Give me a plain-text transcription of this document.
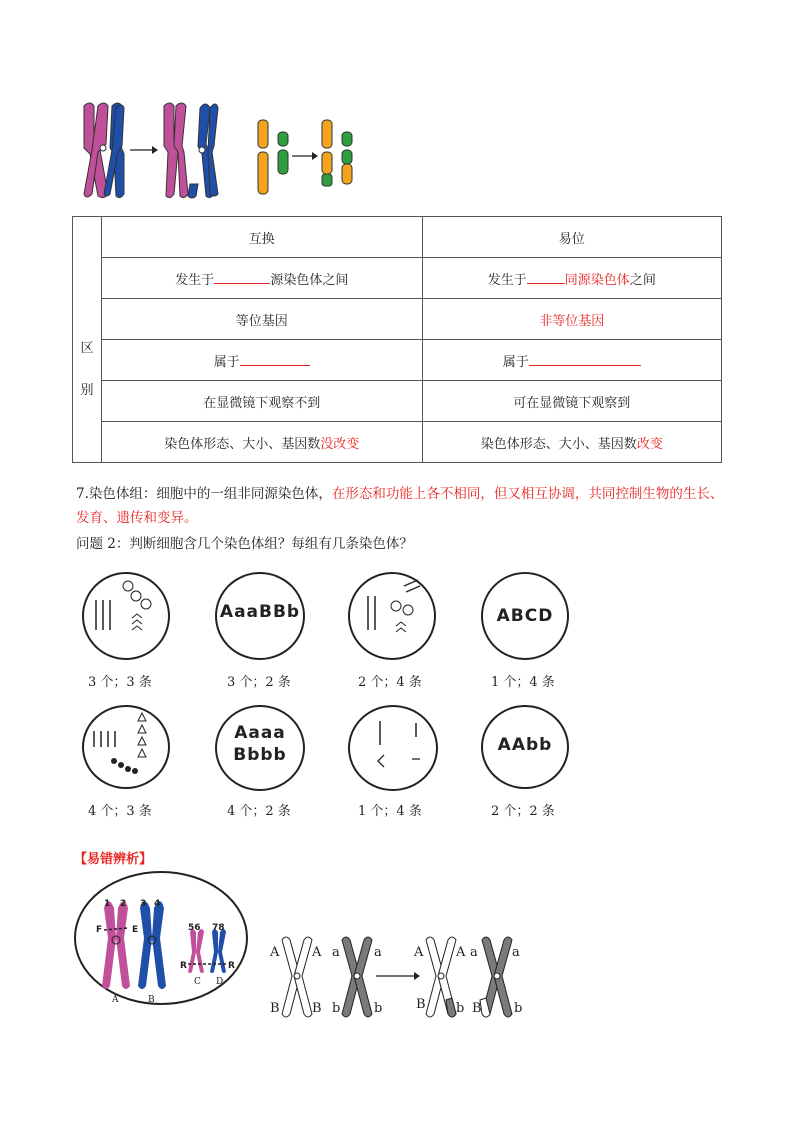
区
别	互换	易位
	发生于 源染色体之间	发生于 同源染色体之间
	等位基因	非等位基因
	属于	属于
	在显微镜下观察不到	可在显微镜下观察到
	染色体形态、大小、基因数没改变	染色体形态、大小、基因数改变
7.染色体组：细胞中的一组非同源染色体，在形态和功能上各不相同，但又相互协调，共同控制生物的生长、发育、遗传和变异。
问题 2：判断细胞含几个染色体组？每组有几条染色体？
AaaBBb	ABCD
3 个；3 条	3 个；2 条	2 个；4 条	1 个；4 条
Aaaa
Bbbb	AAbb
4 个；3 条	4 个；2 条	1 个；4 条	2 个；2 条
【易错辨析】
1 2 3 4
56 78
F	E
R	R
A	B
C D
A	A a	a
B B b	b
A	A a	a
B b B b
